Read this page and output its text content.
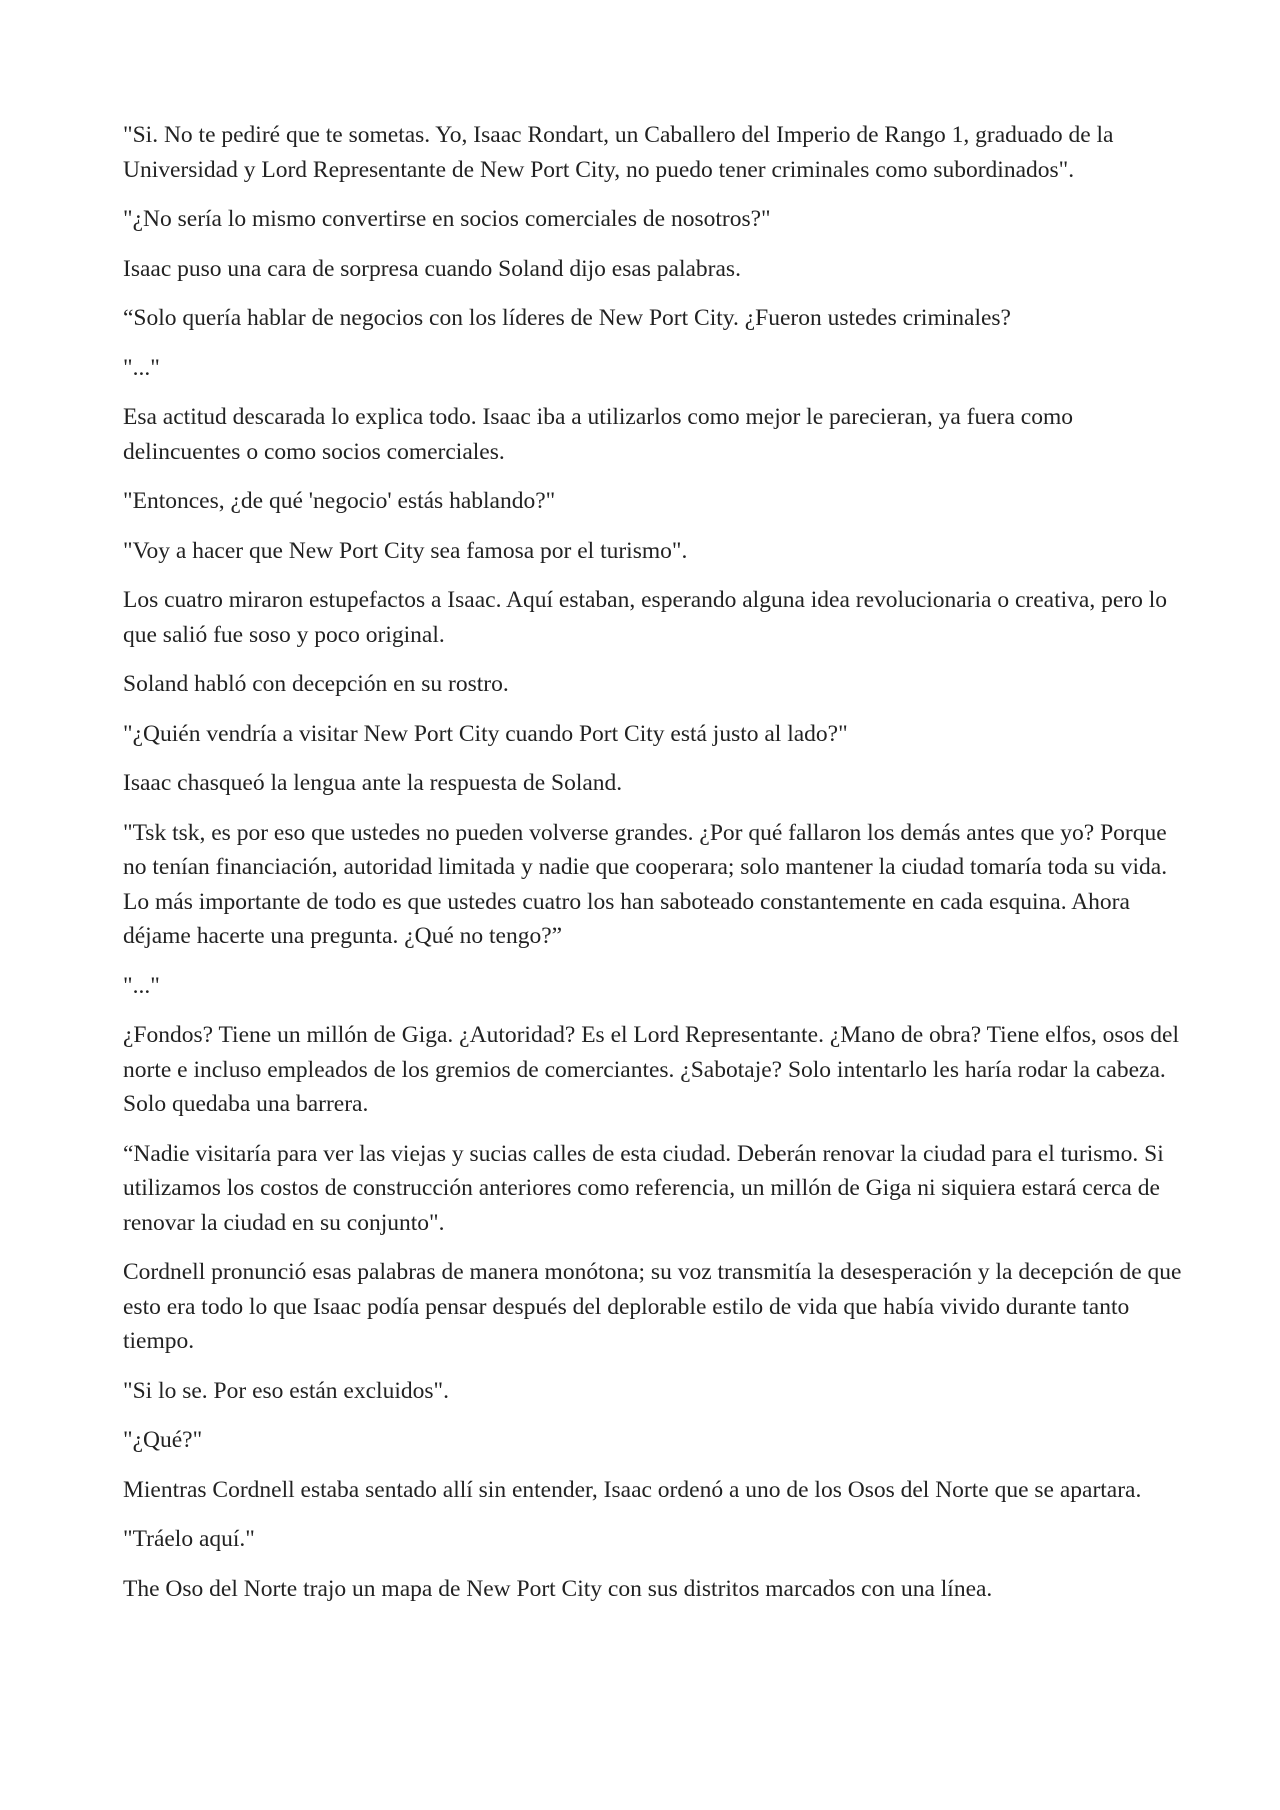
"Si. No te pediré que te sometas. Yo, Isaac Rondart, un Caballero del Imperio de Rango 1, graduado de la Universidad y Lord Representante de New Port City, no puedo tener criminales como subordinados".

"¿No sería lo mismo convertirse en socios comerciales de nosotros?"

Isaac puso una cara de sorpresa cuando Soland dijo esas palabras.

“Solo quería hablar de negocios con los líderes de New Port City. ¿Fueron ustedes criminales?

"..."

Esa actitud descarada lo explica todo. Isaac iba a utilizarlos como mejor le parecieran, ya fuera como delincuentes o como socios comerciales.

"Entonces, ¿de qué 'negocio' estás hablando?"

"Voy a hacer que New Port City sea famosa por el turismo".

Los cuatro miraron estupefactos a Isaac. Aquí estaban, esperando alguna idea revolucionaria o creativa, pero lo que salió fue soso y poco original.

Soland habló con decepción en su rostro.

"¿Quién vendría a visitar New Port City cuando Port City está justo al lado?"

Isaac chasqueó la lengua ante la respuesta de Soland.

"Tsk tsk, es por eso que ustedes no pueden volverse grandes. ¿Por qué fallaron los demás antes que yo? Porque no tenían financiación, autoridad limitada y nadie que cooperara; solo mantener la ciudad tomaría toda su vida. Lo más importante de todo es que ustedes cuatro los han saboteado constantemente en cada esquina. Ahora déjame hacerte una pregunta. ¿Qué no tengo?”

"..."

¿Fondos? Tiene un millón de Giga. ¿Autoridad? Es el Lord Representante. ¿Mano de obra? Tiene elfos, osos del norte e incluso empleados de los gremios de comerciantes. ¿Sabotaje? Solo intentarlo les haría rodar la cabeza. Solo quedaba una barrera.

“Nadie visitaría para ver las viejas y sucias calles de esta ciudad. Deberán renovar la ciudad para el turismo. Si utilizamos los costos de construcción anteriores como referencia, un millón de Giga ni siquiera estará cerca de renovar la ciudad en su conjunto".

Cordnell pronunció esas palabras de manera monótona; su voz transmitía la desesperación y la decepción de que esto era todo lo que Isaac podía pensar después del deplorable estilo de vida que había vivido durante tanto tiempo.

"Si lo se. Por eso están excluidos".

"¿Qué?"

Mientras Cordnell estaba sentado allí sin entender, Isaac ordenó a uno de los Osos del Norte que se apartara.

"Tráelo aquí."

The Oso del Norte trajo un mapa de New Port City con sus distritos marcados con una línea.
